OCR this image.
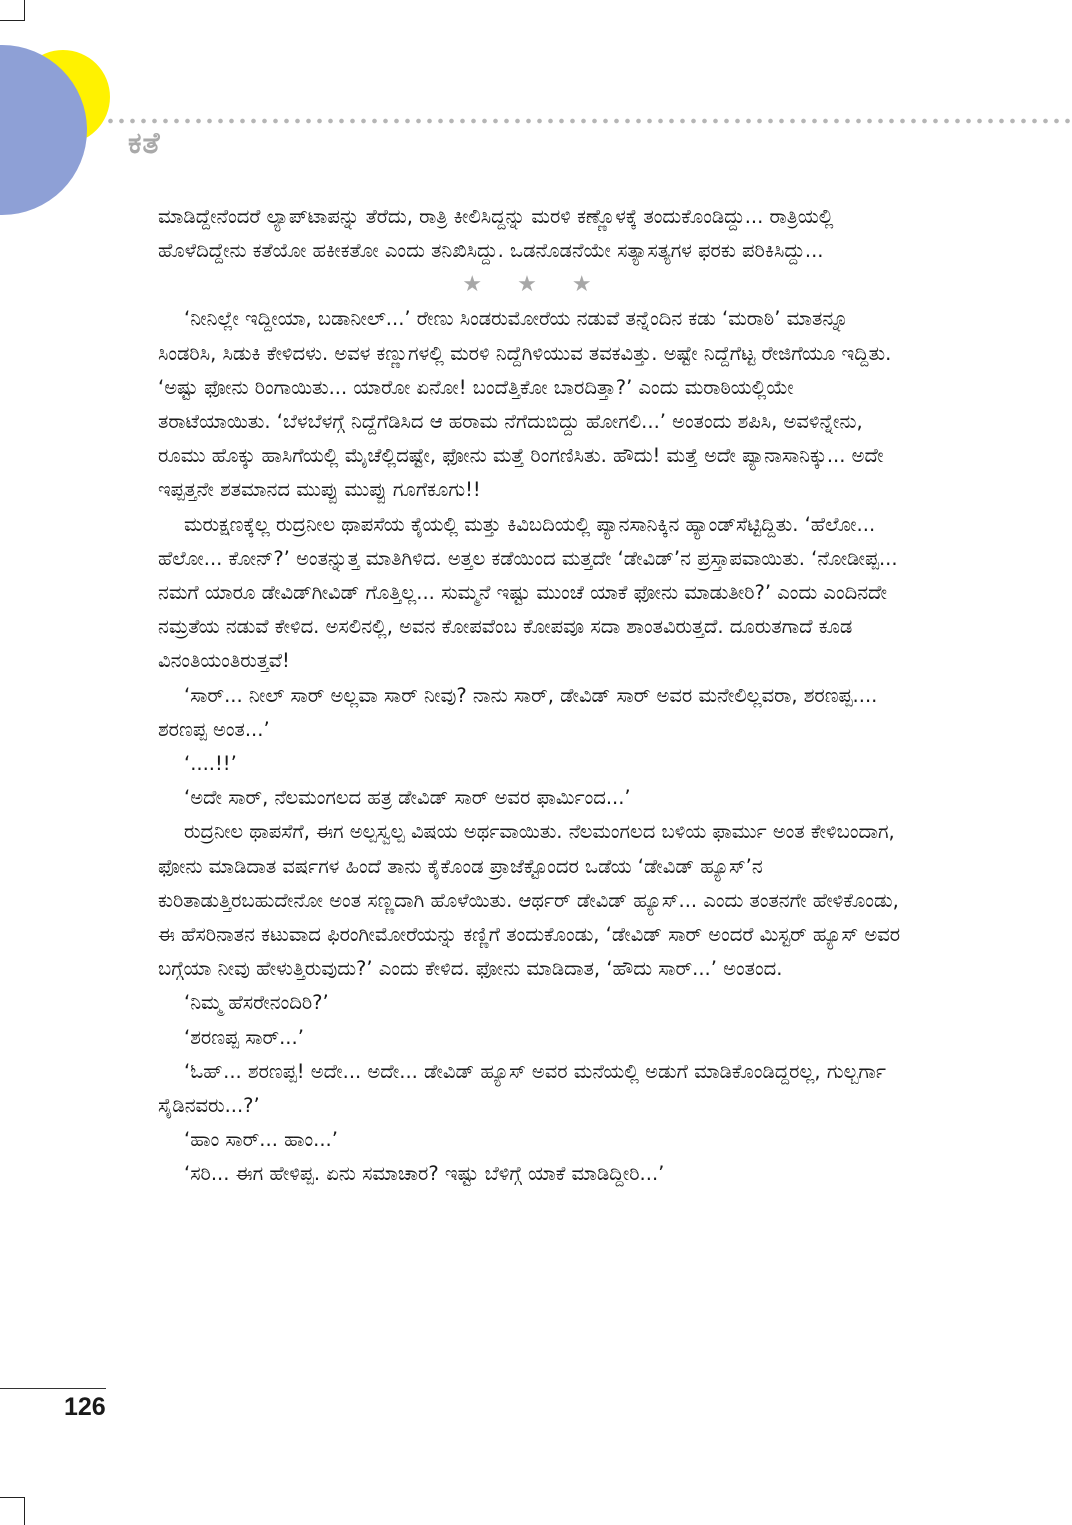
ಕತೆ

ಮಾಡಿದ್ದೇನೆಂದರೆ ಲ್ಯಾಪ್‌ಟಾಪನ್ನು ತೆರೆದು, ರಾತ್ರಿ ಕೀಲಿಸಿದ್ದನ್ನು ಮರಳಿ ಕಣ್ಣೊಳಕ್ಕೆ ತಂದುಕೊಂಡಿದ್ದು... ರಾತ್ರಿಯಲ್ಲಿ ಹೊಳೆದಿದ್ದೇನು ಕತೆಯೋ ಹಕೀಕತೋ ಎಂದು ತನಿಖಿಸಿದ್ದು. ಒಡನೊಡನೆಯೇ ಸತ್ಯಾಸತ್ಯಗಳ ಫರಕು ಪರಿಕಿಸಿದ್ದು...

★ ★ ★

‘ನೀನಿಲ್ಲೇ ಇದ್ದೀಯಾ, ಬಡಾನೀಲ್...’ ರೇಣು ಸಿಂಡರುಮೋರೆಯ ನಡುವೆ ತನ್ನೆಂದಿನ ಕಡು ‘ಮರಾಠಿ’ ಮಾತನ್ನೂ ಸಿಂಡರಿಸಿ, ಸಿಡುಕಿ ಕೇಳಿದಳು. ಅವಳ ಕಣ್ಣುಗಳಲ್ಲಿ ಮರಳಿ ನಿದ್ದೆಗಿಳಿಯುವ ತವಕವಿತ್ತು. ಅಷ್ಟೇ ನಿದ್ದೆಗೆಟ್ಟ ರೇಜಿಗೆಯೂ ಇದ್ದಿತು. ‘ಅಷ್ಟು ಫೋನು ರಿಂಗಾಯಿತು... ಯಾರೋ ಏನೋ! ಬಂದೆತ್ತಿಕೋ ಬಾರದಿತ್ತಾ?’ ಎಂದು ಮರಾಠಿಯಲ್ಲಿಯೇ ತರಾಟೆಯಾಯಿತು. ‘ಬೆಳಬೆಳಗ್ಗೆ ನಿದ್ದೆಗೆಡಿಸಿದ ಆ ಹರಾಮ ನೆಗೆದುಬಿದ್ದು ಹೋಗಲಿ...’ ಅಂತಂದು ಶಪಿಸಿ, ಅವಳಿನ್ನೇನು, ರೂಮು ಹೊಕ್ಕು ಹಾಸಿಗೆಯಲ್ಲಿ ಮೈಚೆಲ್ಲಿದಷ್ಟೇ, ಫೋನು ಮತ್ತೆ ರಿಂಗಣಿಸಿತು. ಹೌದು! ಮತ್ತೆ ಅದೇ ಪ್ಯಾನಾಸಾನಿಕ್ಕು... ಅದೇ ಇಪ್ಪತ್ತನೇ ಶತಮಾನದ ಮುಪ್ಪು ಮುಪ್ಪು ಗೂಗೆಕೂಗು!!

ಮರುಕ್ಷಣಕ್ಕೆಲ್ಲ ರುದ್ರನೀಲ ಥಾಪಸೆಯ ಕೈಯಲ್ಲಿ ಮತ್ತು ಕಿವಿಬದಿಯಲ್ಲಿ ಪ್ಯಾನಸಾನಿಕ್ಕಿನ ಹ್ಯಾಂಡ್‌ಸೆಟ್ಟಿದ್ದಿತು. ‘ಹೆಲೋ... ಹೆಲೋ... ಕೋನ್?’ ಅಂತನ್ನುತ್ತ ಮಾತಿಗಿಳಿದ. ಅತ್ತಲ ಕಡೆಯಿಂದ ಮತ್ತದೇ ‘ಡೇವಿಡ್’ನ ಪ್ರಸ್ತಾಪವಾಯಿತು. ‘ನೋಡೀಪ್ಪ... ನಮಗೆ ಯಾರೂ ಡೇವಿಡ್‌ಗೀವಿಡ್ ಗೊತ್ತಿಲ್ಲ... ಸುಮ್ಮನೆ ಇಷ್ಟು ಮುಂಚೆ ಯಾಕೆ ಫೋನು ಮಾಡುತೀರಿ?’ ಎಂದು ಎಂದಿನದೇ ನಮ್ರತೆಯ ನಡುವೆ ಕೇಳಿದ. ಅಸಲಿನಲ್ಲಿ, ಅವನ ಕೋಪವೆಂಬ ಕೋಪವೂ ಸದಾ ಶಾಂತವಿರುತ್ತದೆ. ದೂರುತಗಾದೆ ಕೂಡ ವಿನಂತಿಯಂತಿರುತ್ತವೆ!

‘ಸಾರ್... ನೀಲ್ ಸಾರ್ ಅಲ್ಲವಾ ಸಾರ್ ನೀವು? ನಾನು ಸಾರ್, ಡೇವಿಡ್ ಸಾರ್ ಅವರ ಮನೇಲಿಲ್ಲವರಾ, ಶರಣಪ್ಪ.... ಶರಣಪ್ಪ ಅಂತ...’

‘....!!’

‘ಅದೇ ಸಾರ್, ನೆಲಮಂಗಲದ ಹತ್ರ ಡೇವಿಡ್ ಸಾರ್ ಅವರ ಫಾರ್ಮಿಂದ...’

ರುದ್ರನೀಲ ಥಾಪಸೆಗೆ, ಈಗ ಅಲ್ಪಸ್ವಲ್ಪ ವಿಷಯ ಅರ್ಥವಾಯಿತು. ನೆಲಮಂಗಲದ ಬಳಿಯ ಫಾರ್ಮು ಅಂತ ಕೇಳಿಬಂದಾಗ, ಫೋನು ಮಾಡಿದಾತ ವರ್ಷಗಳ ಹಿಂದೆ ತಾನು ಕೈಕೊಂಡ ಪ್ರಾಜೆಕ್ಟೊಂದರ ಒಡೆಯ ‘ಡೇವಿಡ್ ಹ್ಯೂಸ್’ನ ಕುರಿತಾಡುತ್ತಿರಬಹುದೇನೋ ಅಂತ ಸಣ್ಣದಾಗಿ ಹೊಳೆಯಿತು. ಆರ್ಥರ್ ಡೇವಿಡ್ ಹ್ಯೂಸ್... ಎಂದು ತಂತನಗೇ ಹೇಳಿಕೊಂಡು, ಈ ಹೆಸರಿನಾತನ ಕಟುವಾದ ಫಿರಂಗೀಮೋರೆಯನ್ನು ಕಣ್ಣಿಗೆ ತಂದುಕೊಂಡು, ‘ಡೇವಿಡ್ ಸಾರ್ ಅಂದರೆ ಮಿಸ್ಟರ್ ಹ್ಯೂಸ್ ಅವರ ಬಗ್ಗೆಯಾ ನೀವು ಹೇಳುತ್ತಿರುವುದು?’ ಎಂದು ಕೇಳಿದ. ಫೋನು ಮಾಡಿದಾತ, ‘ಹೌದು ಸಾರ್...’ ಅಂತಂದ.

‘ನಿಮ್ಮ ಹೆಸರೇನಂದಿರಿ?’

‘ಶರಣಪ್ಪ ಸಾರ್...’

‘ಓಹ್... ಶರಣಪ್ಪ! ಅದೇ... ಅದೇ... ಡೇವಿಡ್ ಹ್ಯೂಸ್ ಅವರ ಮನೆಯಲ್ಲಿ ಅಡುಗೆ ಮಾಡಿಕೊಂಡಿದ್ದರಲ್ಲ, ಗುಲ್ಬರ್ಗಾ ಸೈಡಿನವರು...?’

‘ಹಾಂ ಸಾರ್... ಹಾಂ...’

‘ಸರಿ... ಈಗ ಹೇಳಿಪ್ಪ. ಏನು ಸಮಾಚಾರ? ಇಷ್ಟು ಬೆಳಿಗ್ಗೆ ಯಾಕೆ ಮಾಡಿದ್ದೀರಿ...’

126
